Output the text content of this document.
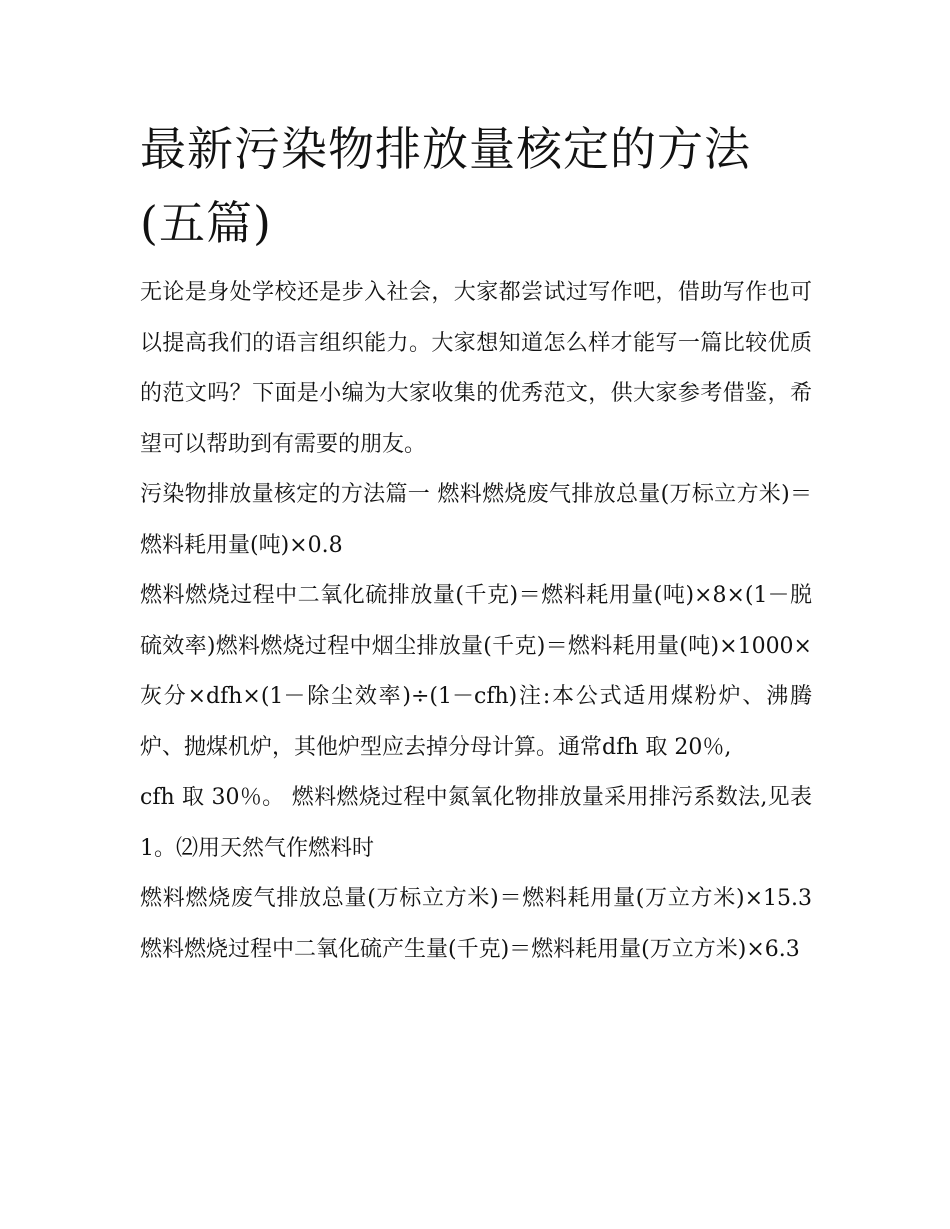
最新污染物排放量核定的方法(五篇)

无论是身处学校还是步入社会，大家都尝试过写作吧，借助写作也可以提高我们的语言组织能力。大家想知道怎么样才能写一篇比较优质的范文吗？下面是小编为大家收集的优秀范文，供大家参考借鉴，希望可以帮助到有需要的朋友。

污染物排放量核定的方法篇一 燃料燃烧废气排放总量(万标立方米)＝燃料耗用量(吨)×0.8

燃料燃烧过程中二氧化硫排放量(千克)＝燃料耗用量(吨)×8×(1－脱硫效率)燃料燃烧过程中烟尘排放量(千克)＝燃料耗用量(吨)×1000×灰分×dfh×(1－除尘效率)÷(1－cfh)注:本公式适用煤粉炉、沸腾炉、抛煤机炉，其他炉型应去掉分母计算。通常dfh 取 20％,

cfh 取 30％。 燃料燃烧过程中氮氧化物排放量采用排污系数法,见表 1。⑵用天然气作燃料时

燃料燃烧废气排放总量(万标立方米)＝燃料耗用量(万立方米)×15.3 燃料燃烧过程中二氧化硫产生量(千克)＝燃料耗用量(万立方米)×6.3
